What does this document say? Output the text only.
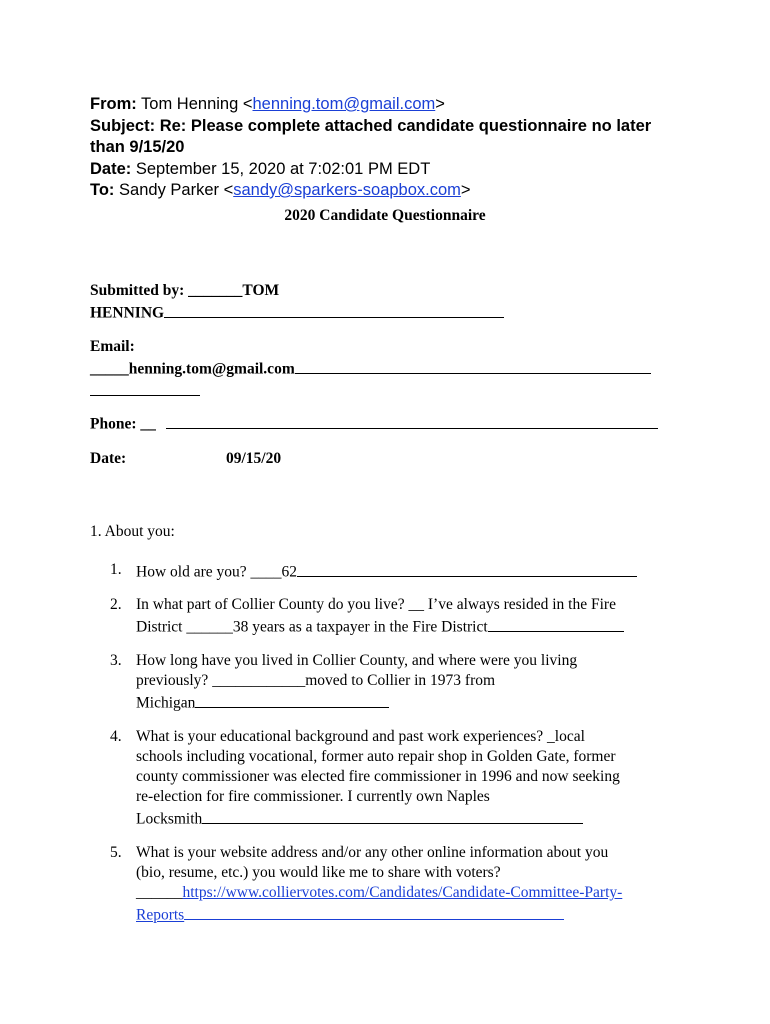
From: Tom Henning <henning.tom@gmail.com>
Subject: Re: Please complete attached candidate questionnaire no later than 9/15/20
Date: September 15, 2020 at 7:02:01 PM EDT
To: Sandy Parker <sandy@sparkers-soapbox.com>
2020 Candidate Questionnaire
Submitted by: _______TOM
HENNING
Email:
_____henning.tom@gmail.com
Phone: __
Date:	09/15/20
1. About you:
1. How old are you? ____62
2. In what part of Collier County do you live? __ I’ve always resided in the Fire
District ______38 years as a taxpayer in the Fire District
3. How long have you lived in Collier County, and where were you living
previously? ____________moved to Collier in 1973 from
Michigan
4. What is your educational background and past work experiences? _local
schools including vocational, former auto repair shop in Golden Gate, former
county commissioner was elected fire commissioner in 1996 and now seeking
re-election for fire commissioner. I currently own Naples
Locksmith
5. What is your website address and/or any other online information about you
(bio, resume, etc.) you would like me to share with voters?
______https://www.colliervotes.com/Candidates/Candidate-Committee-Party-
Reports
